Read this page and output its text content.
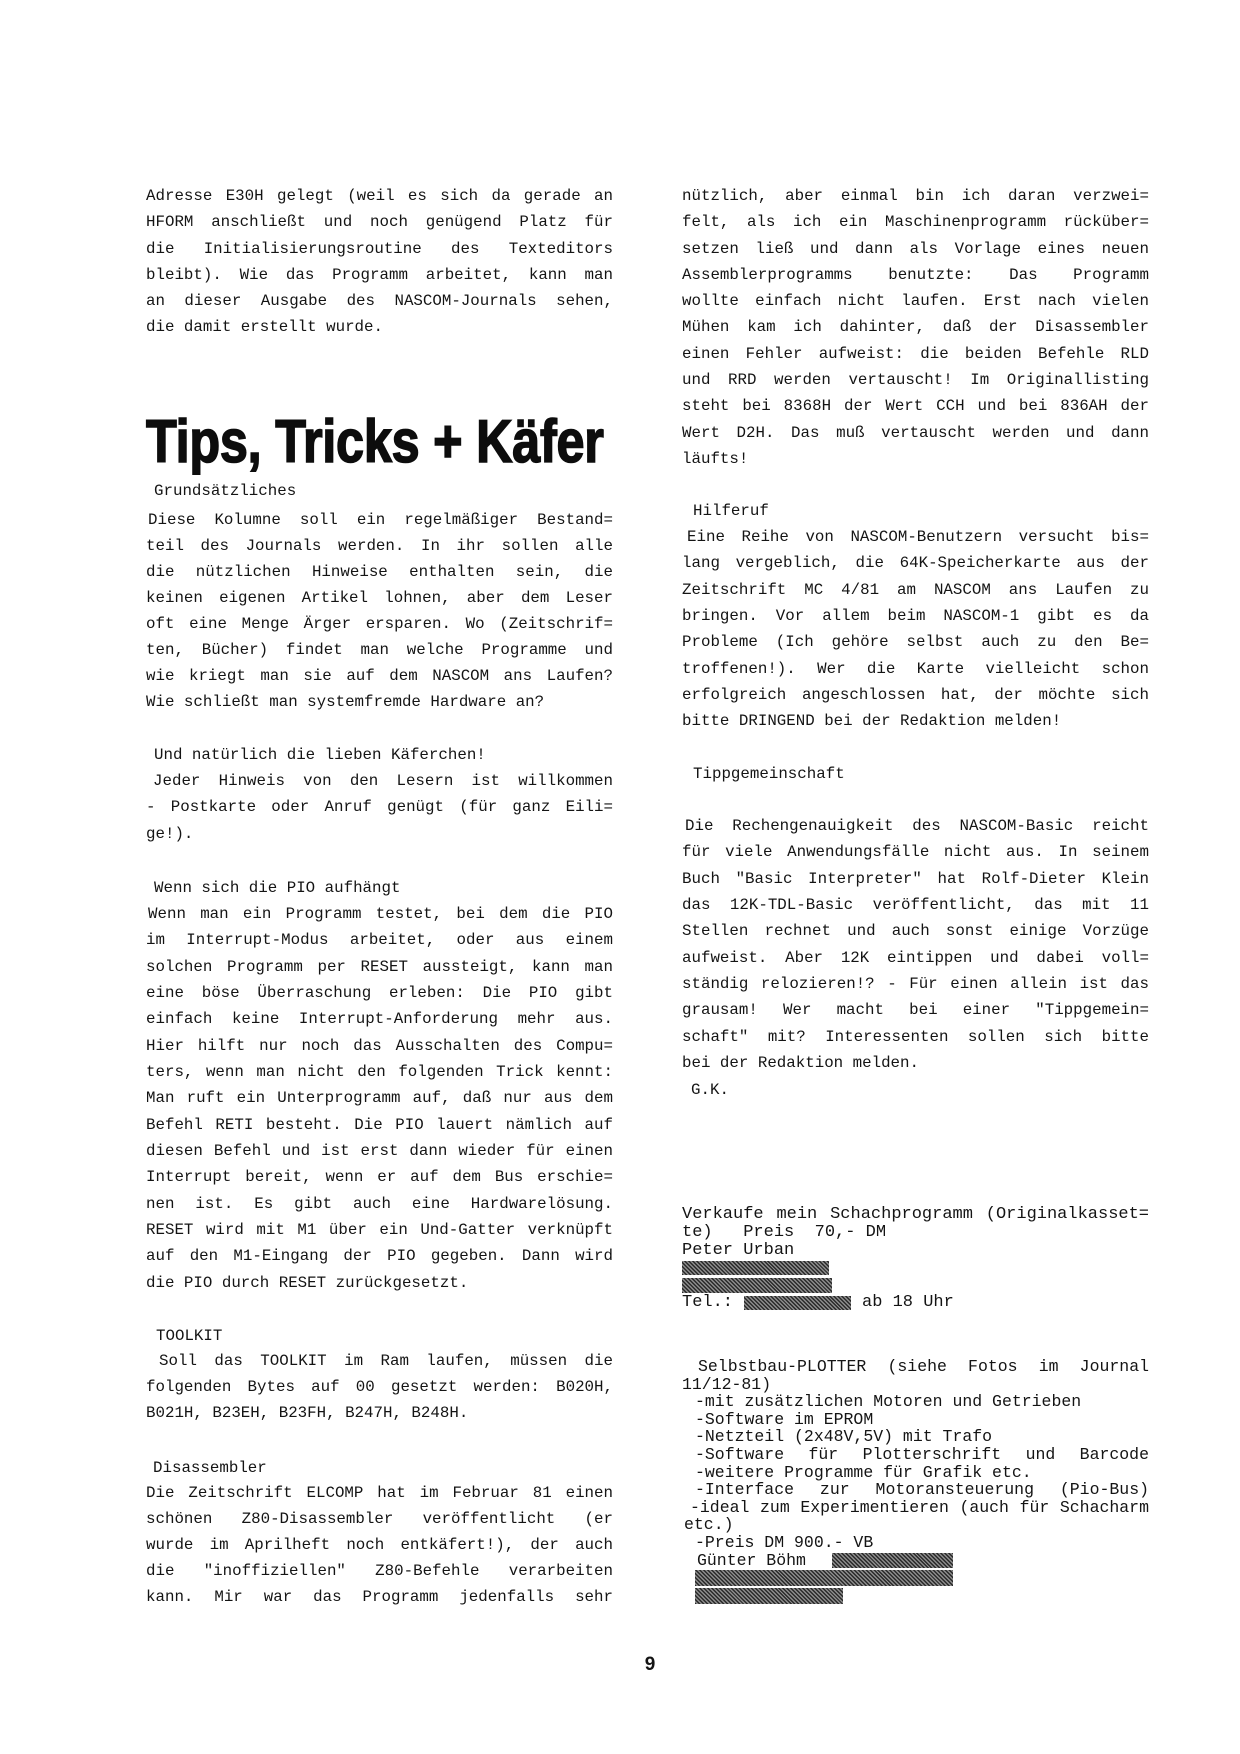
Adresse E30H gelegt (weil es sich da gerade an
HFORM anschließt und noch genügend Platz für
die Initialisierungsroutine des Texteditors
bleibt). Wie das Programm arbeitet, kann man
an dieser Ausgabe des NASCOM-Journals sehen,
die damit erstellt wurde.
Tips, Tricks + Käfer
Grundsätzliches
Diese Kolumne soll ein regelmäßiger Bestand=
teil des Journals werden. In ihr sollen alle
die nützlichen Hinweise enthalten sein, die
keinen eigenen Artikel lohnen, aber dem Leser
oft eine Menge Ärger ersparen. Wo (Zeitschrif=
ten, Bücher) findet man welche Programme und
wie kriegt man sie auf dem NASCOM ans Laufen?
Wie schließt man systemfremde Hardware an?
Und natürlich die lieben Käferchen!
Jeder Hinweis von den Lesern ist willkommen
- Postkarte oder Anruf genügt (für ganz Eili=
ge!).
Wenn sich die PIO aufhängt
Wenn man ein Programm testet, bei dem die PIO
im Interrupt-Modus arbeitet, oder aus einem
solchen Programm per RESET aussteigt, kann man
eine böse Überraschung erleben: Die PIO gibt
einfach keine Interrupt-Anforderung mehr aus.
Hier hilft nur noch das Ausschalten des Compu=
ters, wenn man nicht den folgenden Trick kennt:
Man ruft ein Unterprogramm auf, daß nur aus dem
Befehl RETI besteht. Die PIO lauert nämlich auf
diesen Befehl und ist erst dann wieder für einen
Interrupt bereit, wenn er auf dem Bus erschie=
nen ist. Es gibt auch eine Hardwarelösung.
RESET wird mit M1 über ein Und-Gatter verknüpft
auf den M1-Eingang der PIO gegeben. Dann wird
die PIO durch RESET zurückgesetzt.
TOOLKIT
Soll das TOOLKIT im Ram laufen, müssen die
folgenden Bytes auf 00 gesetzt werden: B020H,
B021H, B23EH, B23FH, B247H, B248H.
Disassembler
Die Zeitschrift ELCOMP hat im Februar 81 einen
schönen Z80-Disassembler veröffentlicht (er
wurde im Aprilheft noch entkäfert!), der auch
die "inoffiziellen" Z80-Befehle verarbeiten
kann. Mir war das Programm jedenfalls sehr
nützlich, aber einmal bin ich daran verzwei=
felt, als ich ein Maschinenprogramm rücküber=
setzen ließ und dann als Vorlage eines neuen
Assemblerprogramms benutzte: Das Programm
wollte einfach nicht laufen. Erst nach vielen
Mühen kam ich dahinter, daß der Disassembler
einen Fehler aufweist: die beiden Befehle RLD
und RRD werden vertauscht! Im Originallisting
steht bei 8368H der Wert CCH und bei 836AH der
Wert D2H. Das muß vertauscht werden und dann
läufts!
Hilferuf
Eine Reihe von NASCOM-Benutzern versucht bis=
lang vergeblich, die 64K-Speicherkarte aus der
Zeitschrift MC 4/81 am NASCOM ans Laufen zu
bringen. Vor allem beim NASCOM-1 gibt es da
Probleme (Ich gehöre selbst auch zu den Be=
troffenen!). Wer die Karte vielleicht schon
erfolgreich angeschlossen hat, der möchte sich
bitte DRINGEND bei der Redaktion melden!
Tippgemeinschaft
Die Rechengenauigkeit des NASCOM-Basic reicht
für viele Anwendungsfälle nicht aus. In seinem
Buch "Basic Interpreter" hat Rolf-Dieter Klein
das 12K-TDL-Basic veröffentlicht, das mit 11
Stellen rechnet und auch sonst einige Vorzüge
aufweist. Aber 12K eintippen und dabei voll=
ständig relozieren!? - Für einen allein ist das
grausam! Wer macht bei einer "Tippgemein=
schaft" mit? Interessenten sollen sich bitte
bei der Redaktion melden.
G.K.
Verkaufe mein Schachprogramm (Originalkasset=
te)   Preis  70,- DM
Peter Urban
Tel.:	ab 18 Uhr
Selbstbau-PLOTTER (siehe Fotos im Journal
11/12-81)
-mit zusätzlichen Motoren und Getrieben
-Software im EPROM
-Netzteil (2x48V,5V) mit Trafo
-Software für Plotterschrift und Barcode
-weitere Programme für Grafik etc.
-Interface zur Motoransteuerung (Pio-Bus)
-ideal zum Experimentieren (auch für Schacharm
etc.)
-Preis DM 900.- VB
Günter Böhm
9
